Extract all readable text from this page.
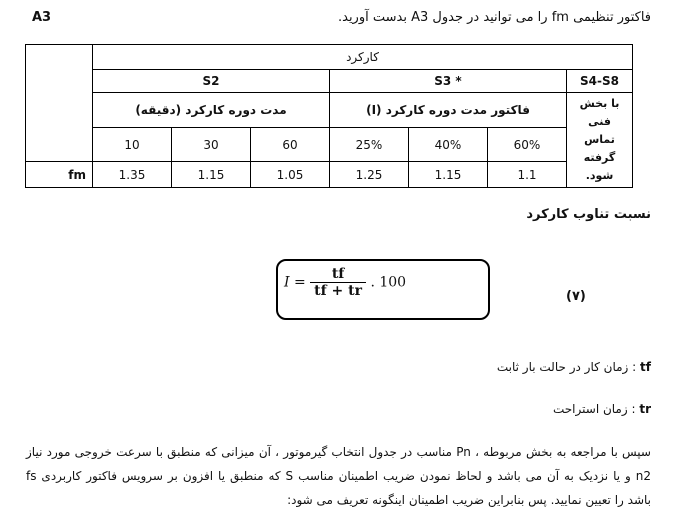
A3	فاکتور تنظیمی fm را می توانید در جدول A3 بدست آورید.
	کارکرد						
	S2			S3 *			S4-S8
	مدت دوره کارکرد (دقیقه)			فاکتور مدت دوره کارکرد (I)			با بخش فنی تماس گرفته شود.
	10	30	60	25%	40%	60%	
fm	1.35	1.15	1.05	1.25	1.15	1.1	
نسبت تناوب کارکرد
$I = \frac{tf}{tf + tr}$ . 100
(۷)
tf : زمان کار در حالت بار ثابت
tr : زمان استراحت
سپس با مراجعه به بخش مربوطه ، Pn مناسب در جدول انتخاب گیرموتور ، آن میزانی که منطبق با سرعت خروجی مورد نیاز n2 و یا نزدیک به آن می باشد و لحاظ نمودن ضریب اطمینان مناسب S که منطبق یا افزون بر سرویس فاکتور کاربردی fs باشد را تعیین نمایید. پس بنابراین ضریب اطمینان اینگونه تعریف می شود:
